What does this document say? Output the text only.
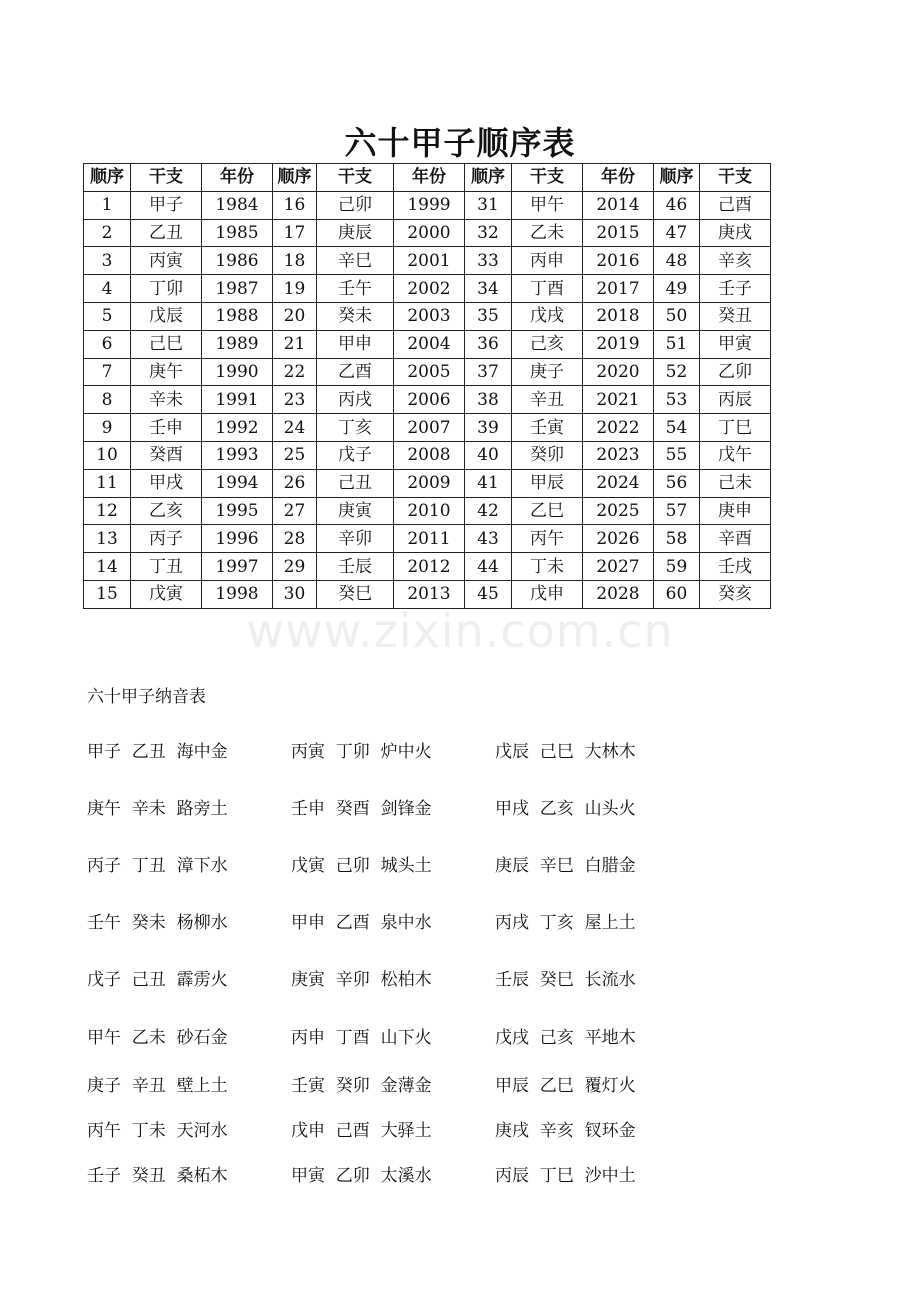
六十甲子顺序表
顺序	干支	年份	顺序	干支	年份	顺序	干支	年份	顺序	干支
1	甲子	1984	16	己卯	1999	31	甲午	2014	46	己酉
2	乙丑	1985	17	庚辰	2000	32	乙未	2015	47	庚戌
3	丙寅	1986	18	辛巳	2001	33	丙申	2016	48	辛亥
4	丁卯	1987	19	壬午	2002	34	丁酉	2017	49	壬子
5	戊辰	1988	20	癸未	2003	35	戊戌	2018	50	癸丑
6	己巳	1989	21	甲申	2004	36	己亥	2019	51	甲寅
7	庚午	1990	22	乙酉	2005	37	庚子	2020	52	乙卯
8	辛未	1991	23	丙戌	2006	38	辛丑	2021	53	丙辰
9	壬申	1992	24	丁亥	2007	39	壬寅	2022	54	丁巳
10	癸酉	1993	25	戊子	2008	40	癸卯	2023	55	戊午
11	甲戌	1994	26	己丑	2009	41	甲辰	2024	56	己未
12	乙亥	1995	27	庚寅	2010	42	乙巳	2025	57	庚申
13	丙子	1996	28	辛卯	2011	43	丙午	2026	58	辛酉
14	丁丑	1997	29	壬辰	2012	44	丁未	2027	59	壬戌
15	戊寅	1998	30	癸巳	2013	45	戊申	2028	60	癸亥
www.zixin.com.cn
六十甲子纳音表
甲子  乙丑  海中金	丙寅  丁卯  炉中火	戊辰  己巳  大林木
庚午  辛未  路旁土	壬申  癸酉  剑锋金	甲戌  乙亥  山头火
丙子  丁丑  漳下水	戊寅  己卯  城头土	庚辰  辛巳  白腊金
壬午  癸未  杨柳水	甲申  乙酉  泉中水	丙戌  丁亥  屋上土
戊子  己丑  霹雳火	庚寅  辛卯  松柏木	壬辰  癸巳  长流水
甲午  乙未  砂石金	丙申  丁酉  山下火	戊戌  己亥  平地木
庚子  辛丑  壁上土	壬寅  癸卯  金薄金	甲辰  乙巳  覆灯火
丙午  丁未  天河水	戊申  己酉  大驿土	庚戌  辛亥  钗环金
壬子  癸丑  桑柘木	甲寅  乙卯  太溪水	丙辰  丁巳  沙中土
